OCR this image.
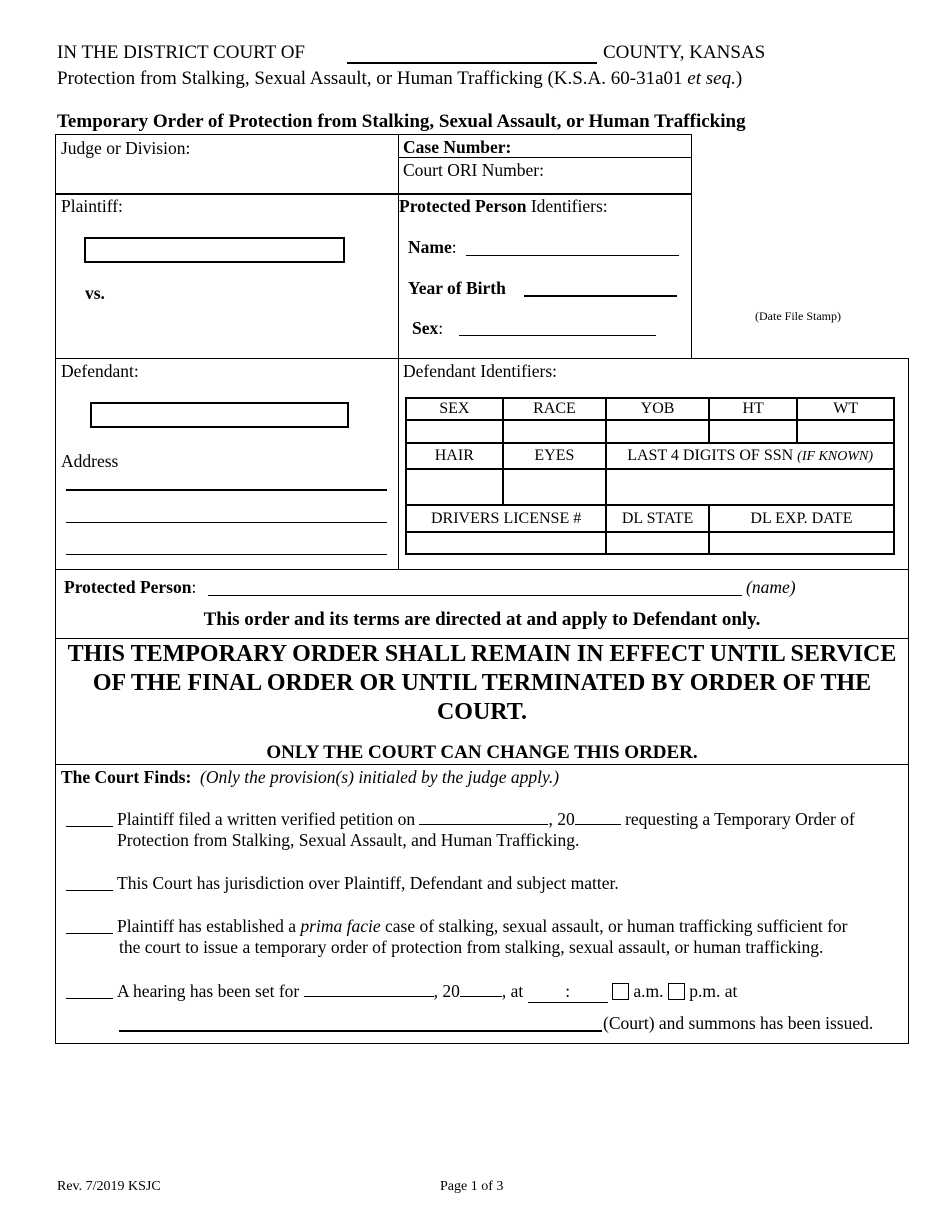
IN THE DISTRICT COURT OF	COUNTY, KANSAS
Protection from Stalking, Sexual Assault, or Human Trafficking (K.S.A. 60-31a01 et seq.)
Temporary Order of Protection from Stalking, Sexual Assault, or Human Trafficking
Judge or Division:	Case Number:
Court ORI Number:
Plaintiff:
vs.
Protected Person Identifiers:
Name:
Year of Birth
Sex:
(Date File Stamp)
Defendant:
Address
Defendant Identifiers:
SEX	RACE	YOB	HT	WT

HAIR	EYES	LAST 4 DIGITS OF SSN (IF KNOWN)		

DRIVERS LICENSE #		DL STATE	DL EXP. DATE	

Protected Person:	(name)
This order and its terms are directed at and apply to Defendant only.
THIS TEMPORARY ORDER SHALL REMAIN IN EFFECT UNTIL SERVICE OF THE FINAL ORDER OR UNTIL TERMINATED BY ORDER OF THE COURT.
ONLY THE COURT CAN CHANGE THIS ORDER.
The Court Finds: (Only the provision(s) initialed by the judge apply.)
Plaintiff filed a written verified petition on	, 20	requesting a Temporary Order of
Protection from Stalking, Sexual Assault, and Human Trafficking.
This Court has jurisdiction over Plaintiff, Defendant and subject matter.
Plaintiff has established a prima facie case of stalking, sexual assault, or human trafficking sufficient for
the court to issue a temporary order of protection from stalking, sexual assault, or human trafficking.
A hearing has been set for	, 20 , at :	a.m. p.m. at
(Court) and summons has been issued.
Rev. 7/2019 KSJC	Page 1 of 3
